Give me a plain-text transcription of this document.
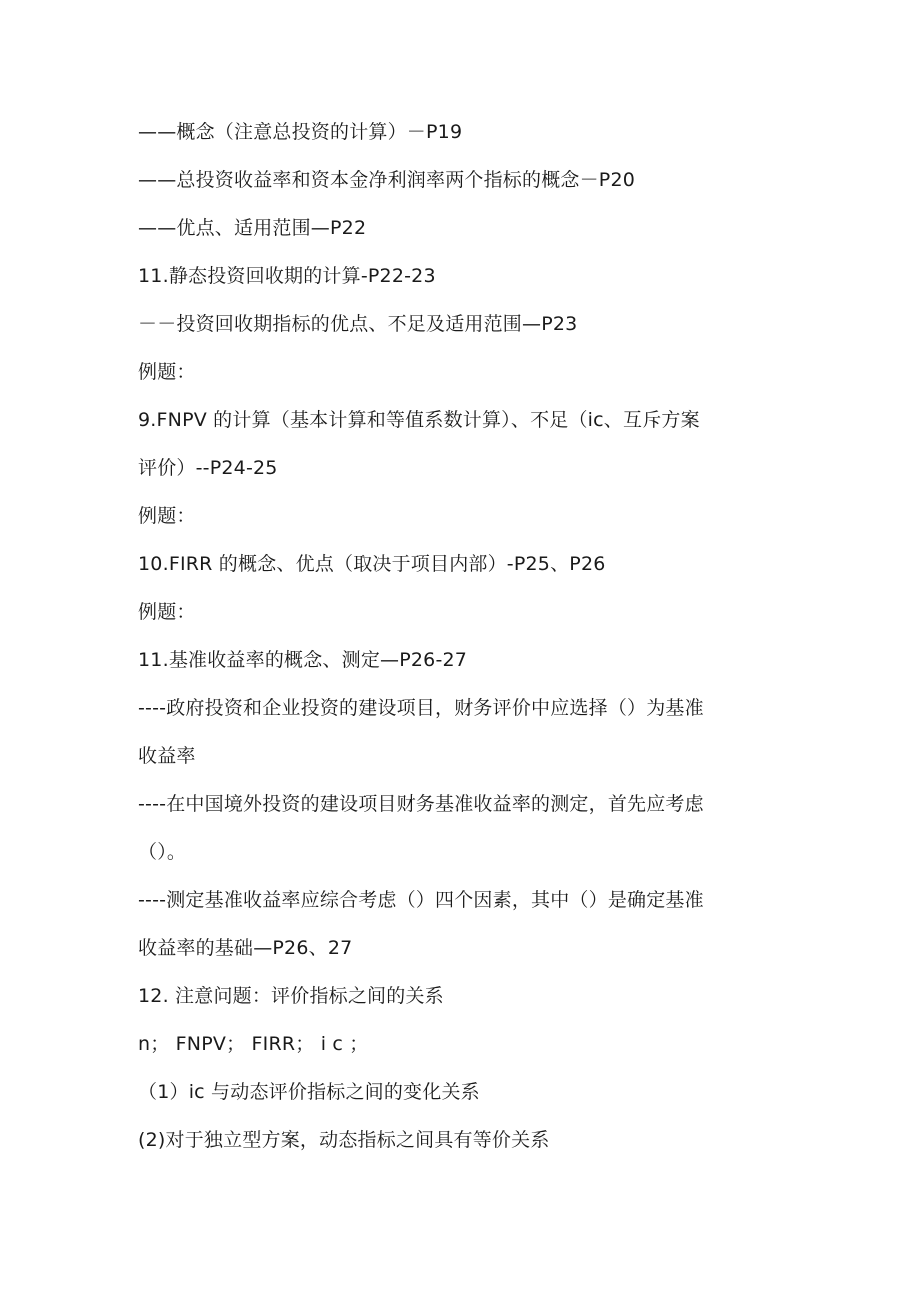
——概念（注意总投资的计算）－P19
——总投资收益率和资本金净利润率两个指标的概念－P20
——优点、适用范围—P22
11.静态投资回收期的计算-P22-23
－－投资回收期指标的优点、不足及适用范围—P23
例题：
9.FNPV 的计算（基本计算和等值系数计算）、不足（ic、互斥方案
评价）--P24-25
例题：
10.FIRR 的概念、优点（取决于项目内部）-P25、P26
例题：
11.基准收益率的概念、测定—P26-27
----政府投资和企业投资的建设项目，财务评价中应选择（）为基准
收益率
----在中国境外投资的建设项目财务基准收益率的测定，首先应考虑
（）。
----测定基准收益率应综合考虑（）四个因素，其中（）是确定基准
收益率的基础—P26、27
12. 注意问题：评价指标之间的关系
n； FNPV； FIRR； i c ；
（1）ic 与动态评价指标之间的变化关系
(2)对于独立型方案，动态指标之间具有等价关系
